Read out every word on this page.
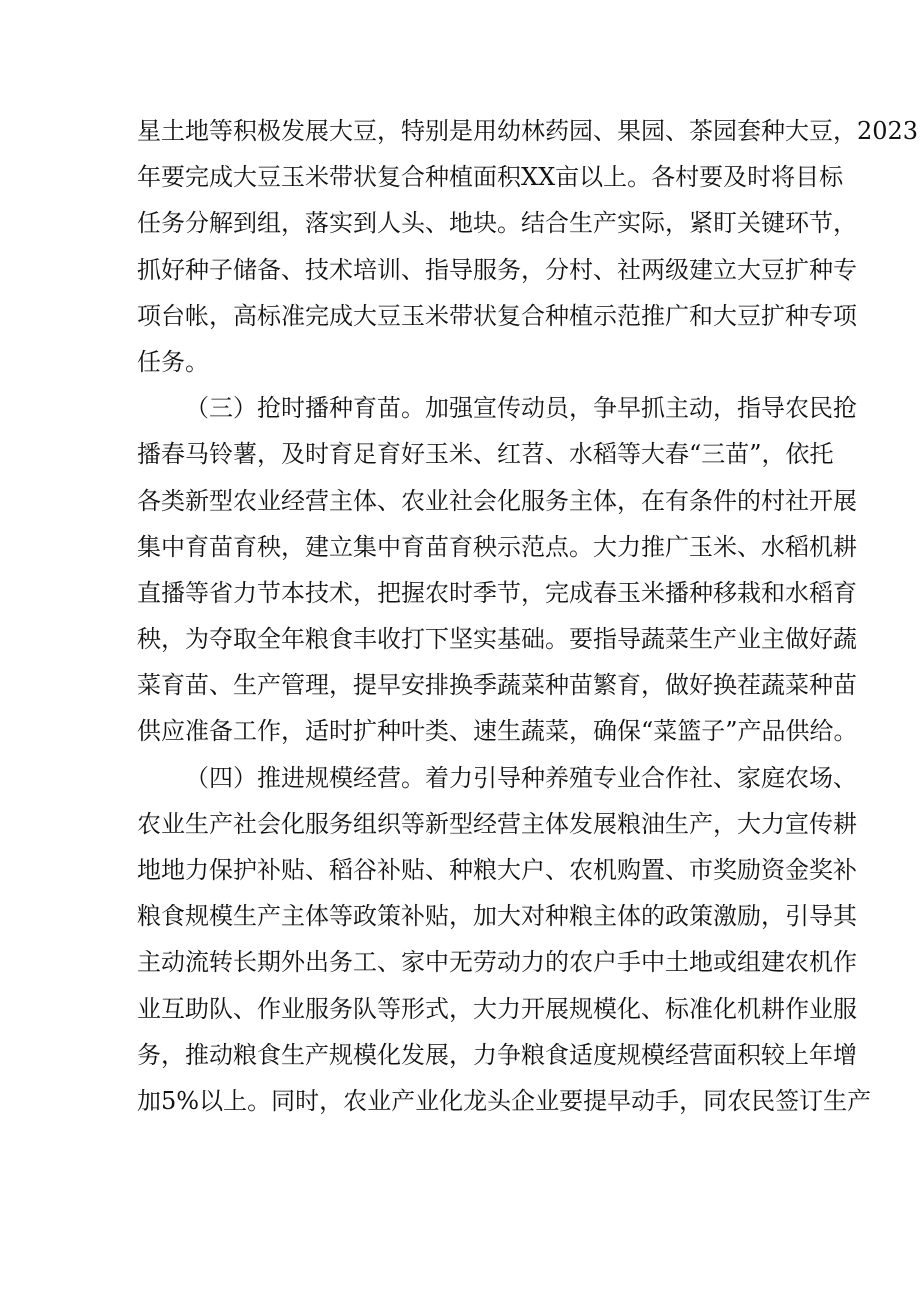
星土地等积极发展大豆，特别是用幼林药园、果园、茶园套种大豆，2023
年要完成大豆玉米带状复合种植面积XX亩以上。各村要及时将目标
任务分解到组，落实到人头、地块。结合生产实际，紧盯关键环节，
抓好种子储备、技术培训、指导服务，分村、社两级建立大豆扩种专
项台帐，高标准完成大豆玉米带状复合种植示范推广和大豆扩种专项
任务。
（三）抢时播种育苗。加强宣传动员，争早抓主动，指导农民抢
播春马铃薯，及时育足育好玉米、红苕、水稻等大春“三苗”，依托
各类新型农业经营主体、农业社会化服务主体，在有条件的村社开展
集中育苗育秧，建立集中育苗育秧示范点。大力推广玉米、水稻机耕
直播等省力节本技术，把握农时季节，完成春玉米播种移栽和水稻育
秧，为夺取全年粮食丰收打下坚实基础。要指导蔬菜生产业主做好蔬
菜育苗、生产管理，提早安排换季蔬菜种苗繁育，做好换茬蔬菜种苗
供应准备工作，适时扩种叶类、速生蔬菜，确保“菜篮子”产品供给。
（四）推进规模经营。着力引导种养殖专业合作社、家庭农场、
农业生产社会化服务组织等新型经营主体发展粮油生产，大力宣传耕
地地力保护补贴、稻谷补贴、种粮大户、农机购置、市奖励资金奖补
粮食规模生产主体等政策补贴，加大对种粮主体的政策激励，引导其
主动流转长期外出务工、家中无劳动力的农户手中土地或组建农机作
业互助队、作业服务队等形式，大力开展规模化、标准化机耕作业服
务，推动粮食生产规模化发展，力争粮食适度规模经营面积较上年增
加5%以上。同时，农业产业化龙头企业要提早动手，同农民签订生产
